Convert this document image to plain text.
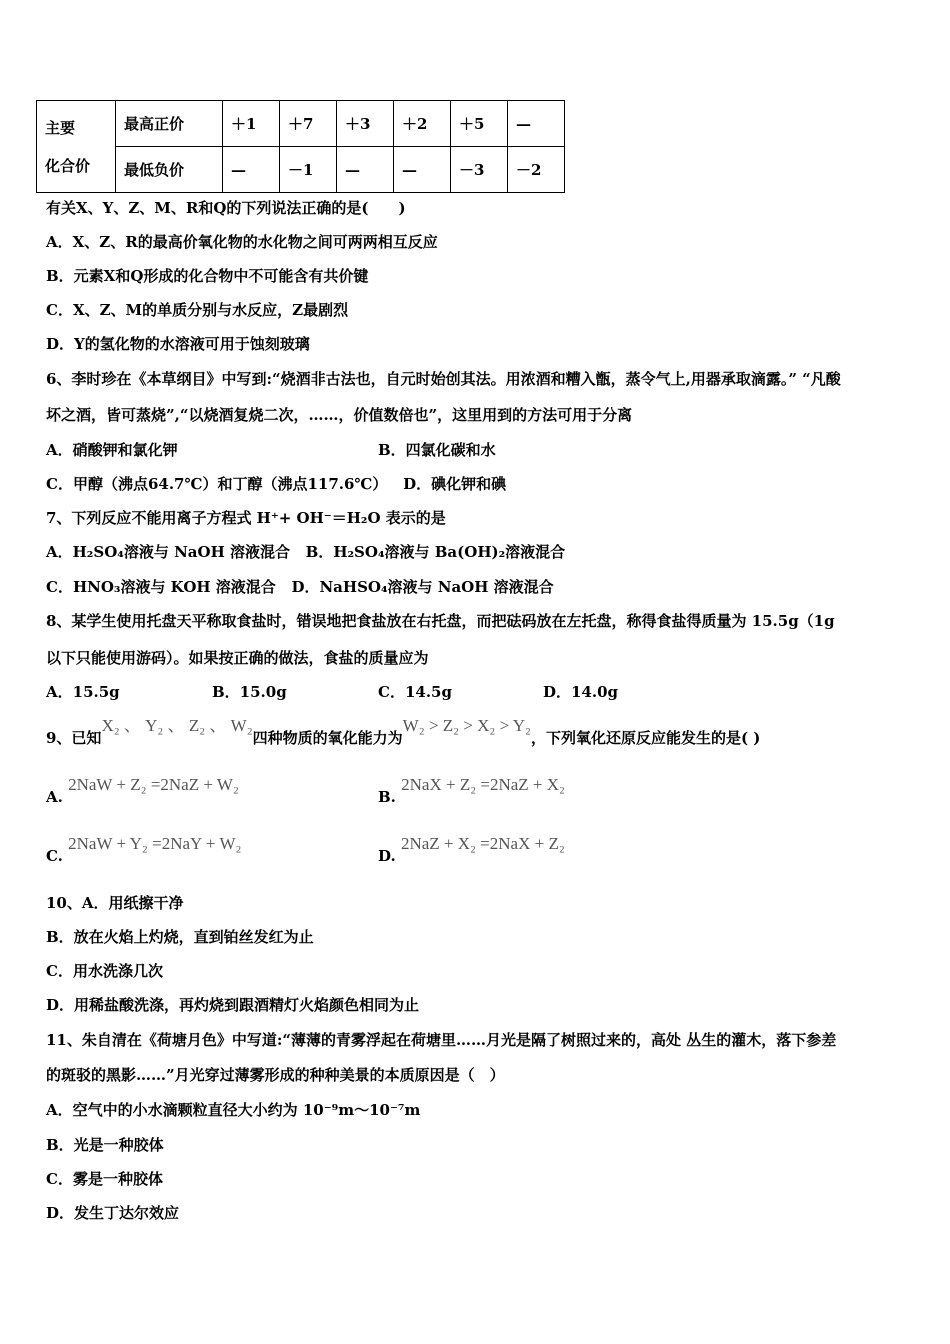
主要
化合价	最高正价	＋1	＋7	＋3	＋2	＋5	—
	最低负价	—	－1	—	—	－3	－2
有关X、Y、Z、M、R和Q的下列说法正确的是(　　)
A．X、Z、R的最高价氧化物的水化物之间可两两相互反应
B．元素X和Q形成的化合物中不可能含有共价键
C．X、Z、M的单质分别与水反应，Z最剧烈
D．Y的氢化物的水溶液可用于蚀刻玻璃
6、李时珍在《本草纲目》中写到:“烧酒非古法也，自元时始创其法。用浓酒和糟入甑，蒸令气上,用器承取滴露。” “凡酸
坏之酒，皆可蒸烧”,“以烧酒复烧二次，……，价值数倍也”，这里用到的方法可用于分离
A．硝酸钾和氯化钾	B．四氯化碳和水
C．甲醇（沸点64.7℃）和丁醇（沸点117.6℃） D．碘化钾和碘
7、下列反应不能用离子方程式 H⁺+ OH⁻＝H₂O 表示的是
A．H₂SO₄溶液与 NaOH 溶液混合 B．H₂SO₄溶液与 Ba(OH)₂溶液混合
C．HNO₃溶液与 KOH 溶液混合 D．NaHSO₄溶液与 NaOH 溶液混合
8、某学生使用托盘天平称取食盐时，错误地把食盐放在右托盘，而把砝码放在左托盘，称得食盐得质量为 15.5g（1g
以下只能使用游码）。如果按正确的做法，食盐的质量应为
A．15.5g	B．15.0g	C．14.5g	D．14.0g
9、已知X₂ 、 Y₂ 、 Z₂ 、 W₂四种物质的氧化能力为W₂ > Z₂ > X₂ > Y₂，下列氧化还原反应能发生的是( )
A. 2NaW + Z₂ =2NaZ + W₂
B. 2NaX + Z₂ =2NaZ + X₂
C. 2NaW + Y₂ =2NaY + W₂
D. 2NaZ + X₂ =2NaX + Z₂
10、A．用纸擦干净
B．放在火焰上灼烧，直到铂丝发红为止
C．用水洗涤几次
D．用稀盐酸洗涤，再灼烧到跟酒精灯火焰颜色相同为止
11、朱自清在《荷塘月色》中写道:“薄薄的青雾浮起在荷塘里……月光是隔了树照过来的，高处 丛生的灌木，落下参差
的斑驳的黑影……”月光穿过薄雾形成的种种美景的本质原因是（　）
A．空气中的小水滴颗粒直径大小约为 10⁻⁹m～10⁻⁷m
B．光是一种胶体
C．雾是一种胶体
D．发生丁达尔效应
